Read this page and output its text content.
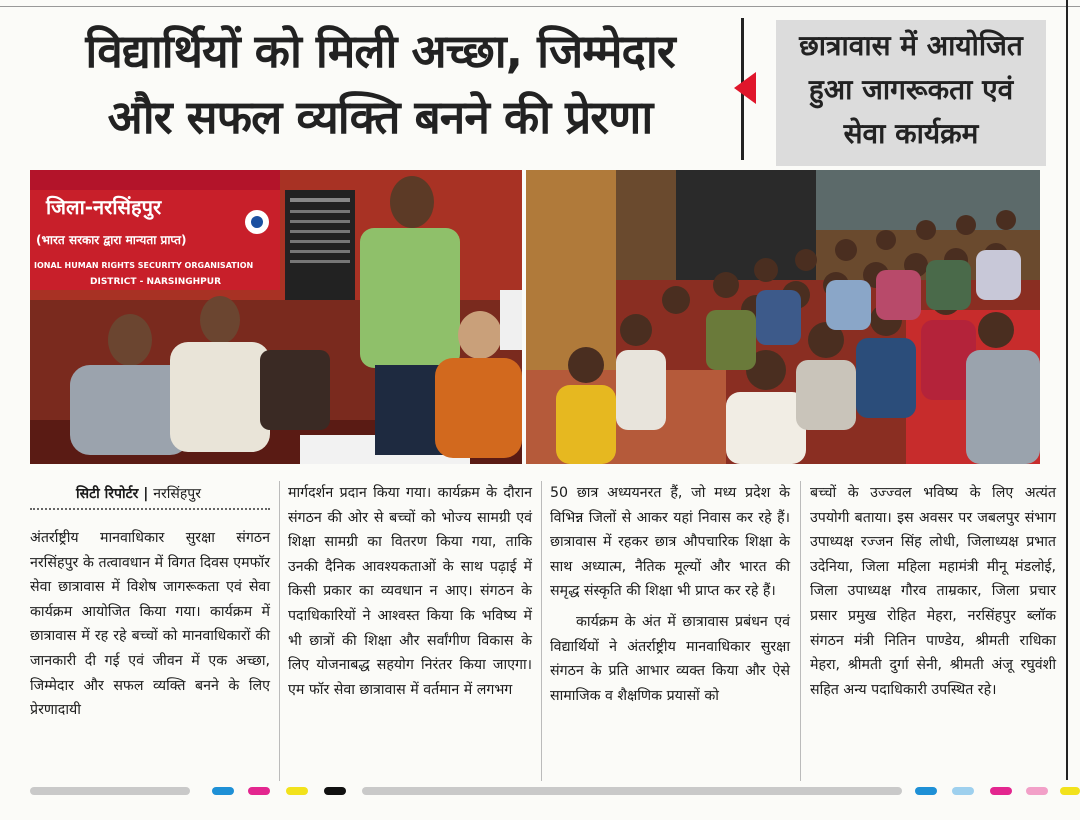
विद्यार्थियों को मिली अच्छा, जिम्मेदार
और सफल व्यक्ति बनने की प्रेरणा
छात्रावास में आयोजित
हुआ जागरूकता एवं
सेवा कार्यक्रम
जिला-नरसिंहपुर
(भारत सरकार द्वारा मान्यता प्राप्त)
IONAL HUMAN RIGHTS SECURITY ORGANISATION
DISTRICT - NARSINGHPUR
सिटी रिपोर्टर | नरसिंहपुर
अंतर्राष्ट्रीय मानवाधिकार सुरक्षा संगठन नरसिंहपुर के तत्वावधान में विगत दिवस एमफॉर सेवा छात्रावास में विशेष जागरूकता एवं सेवा कार्यक्रम आयोजित किया गया। कार्यक्रम में छात्रावास में रह रहे बच्चों को मानवाधिकारों की जानकारी दी गई एवं जीवन में एक अच्छा, जिम्मेदार और सफल व्यक्ति बनने के लिए प्रेरणादायी
मार्गदर्शन प्रदान किया गया। कार्यक्रम के दौरान संगठन की ओर से बच्चों को भोज्य सामग्री एवं शिक्षा सामग्री का वितरण किया गया, ताकि उनकी दैनिक आवश्यकताओं के साथ पढ़ाई में किसी प्रकार का व्यवधान न आए। संगठन के पदाधिकारियों ने आश्वस्त किया कि भविष्य में भी छात्रों की शिक्षा और सर्वांगीण विकास के लिए योजनाबद्ध सहयोग निरंतर किया जाएगा। एम फॉर सेवा छात्रावास में वर्तमान में लगभग
50 छात्र अध्ययनरत हैं, जो मध्य प्रदेश के विभिन्न जिलों से आकर यहां निवास कर रहे हैं। छात्रावास में रहकर छात्र औपचारिक शिक्षा के साथ अध्यात्म, नैतिक मूल्यों और भारत की समृद्ध संस्कृति की शिक्षा भी प्राप्त कर रहे हैं।
कार्यक्रम के अंत में छात्रावास प्रबंधन एवं विद्यार्थियों ने अंतर्राष्ट्रीय मानवाधिकार सुरक्षा संगठन के प्रति आभार व्यक्त किया और ऐसे सामाजिक व शैक्षणिक प्रयासों को
बच्चों के उज्ज्वल भविष्य के लिए अत्यंत उपयोगी बताया। इस अवसर पर जबलपुर संभाग उपाध्यक्ष रज्जन सिंह लोधी, जिलाध्यक्ष प्रभात उदेनिया, जिला महिला महामंत्री मीनू मंडलोई, जिला उपाध्यक्ष गौरव ताम्रकार, जिला प्रचार प्रसार प्रमुख रोहित मेहरा, नरसिंहपुर ब्लॉक संगठन मंत्री नितिन पाण्डेय, श्रीमती राधिका मेहरा, श्रीमती दुर्गा सेनी, श्रीमती अंजू रघुवंशी सहित अन्य पदाधिकारी उपस्थित रहे।
